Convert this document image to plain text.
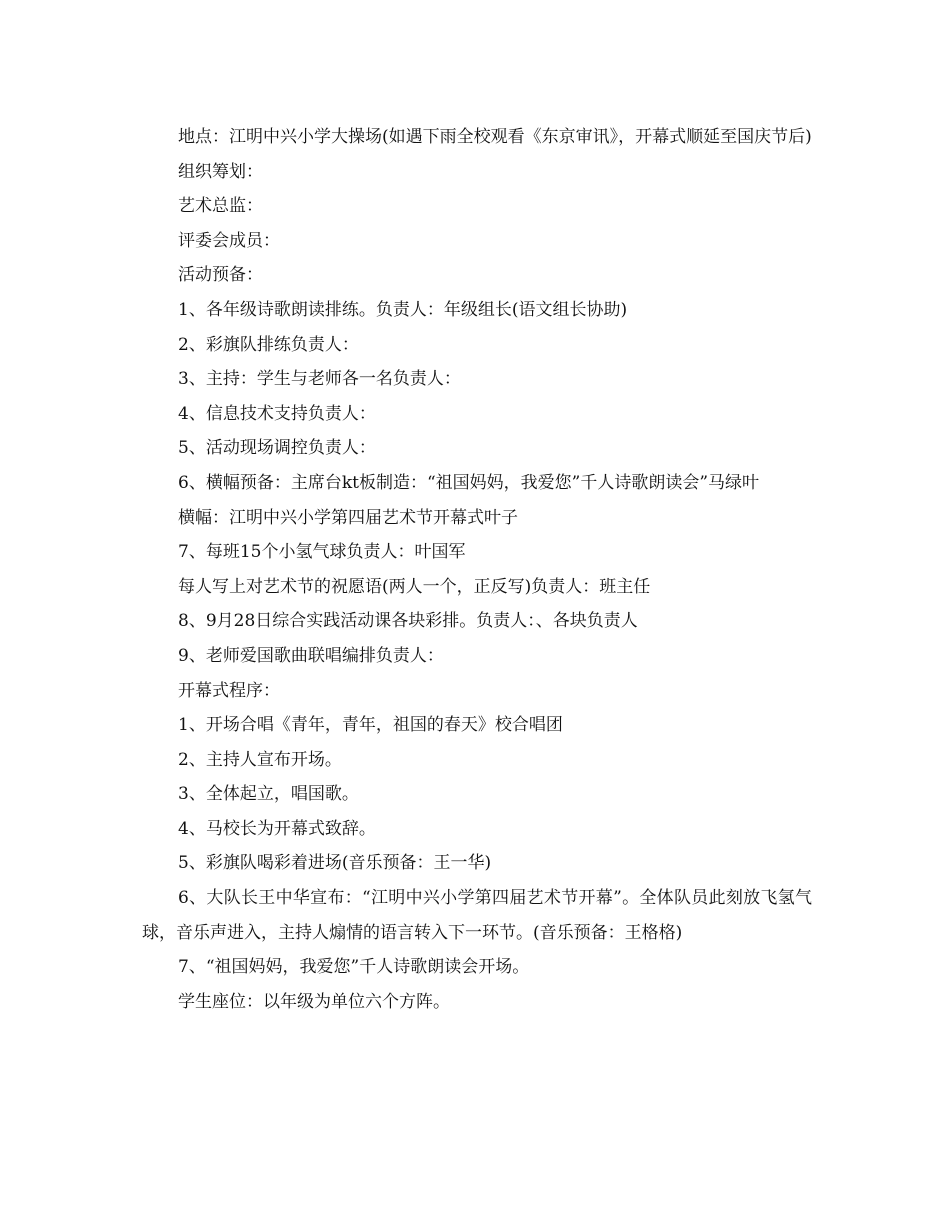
地点：江明中兴小学大操场(如遇下雨全校观看《东京审讯》，开幕式顺延至国庆节后)

组织筹划：

艺术总监：

评委会成员：

活动预备：

1、各年级诗歌朗读排练。负责人：年级组长(语文组长协助)

2、彩旗队排练负责人：

3、主持：学生与老师各一名负责人：

4、信息技术支持负责人：

5、活动现场调控负责人：

6、横幅预备：主席台kt板制造：“祖国妈妈，我爱您”千人诗歌朗读会”马绿叶

横幅：江明中兴小学第四届艺术节开幕式叶子

7、每班15个小氢气球负责人：叶国军

每人写上对艺术节的祝愿语(两人一个，正反写)负责人：班主任

8、9月28日综合实践活动课各块彩排。负责人：、各块负责人

9、老师爱国歌曲联唱编排负责人：

开幕式程序：

1、开场合唱《青年，青年，祖国的春天》校合唱团

2、主持人宣布开场。

3、全体起立，唱国歌。

4、马校长为开幕式致辞。

5、彩旗队喝彩着进场(音乐预备：王一华)

6、大队长王中华宣布：“江明中兴小学第四届艺术节开幕”。全体队员此刻放飞氢气球，音乐声进入，主持人煽情的语言转入下一环节。(音乐预备：王格格)

7、“祖国妈妈，我爱您”千人诗歌朗读会开场。

学生座位：以年级为单位六个方阵。
